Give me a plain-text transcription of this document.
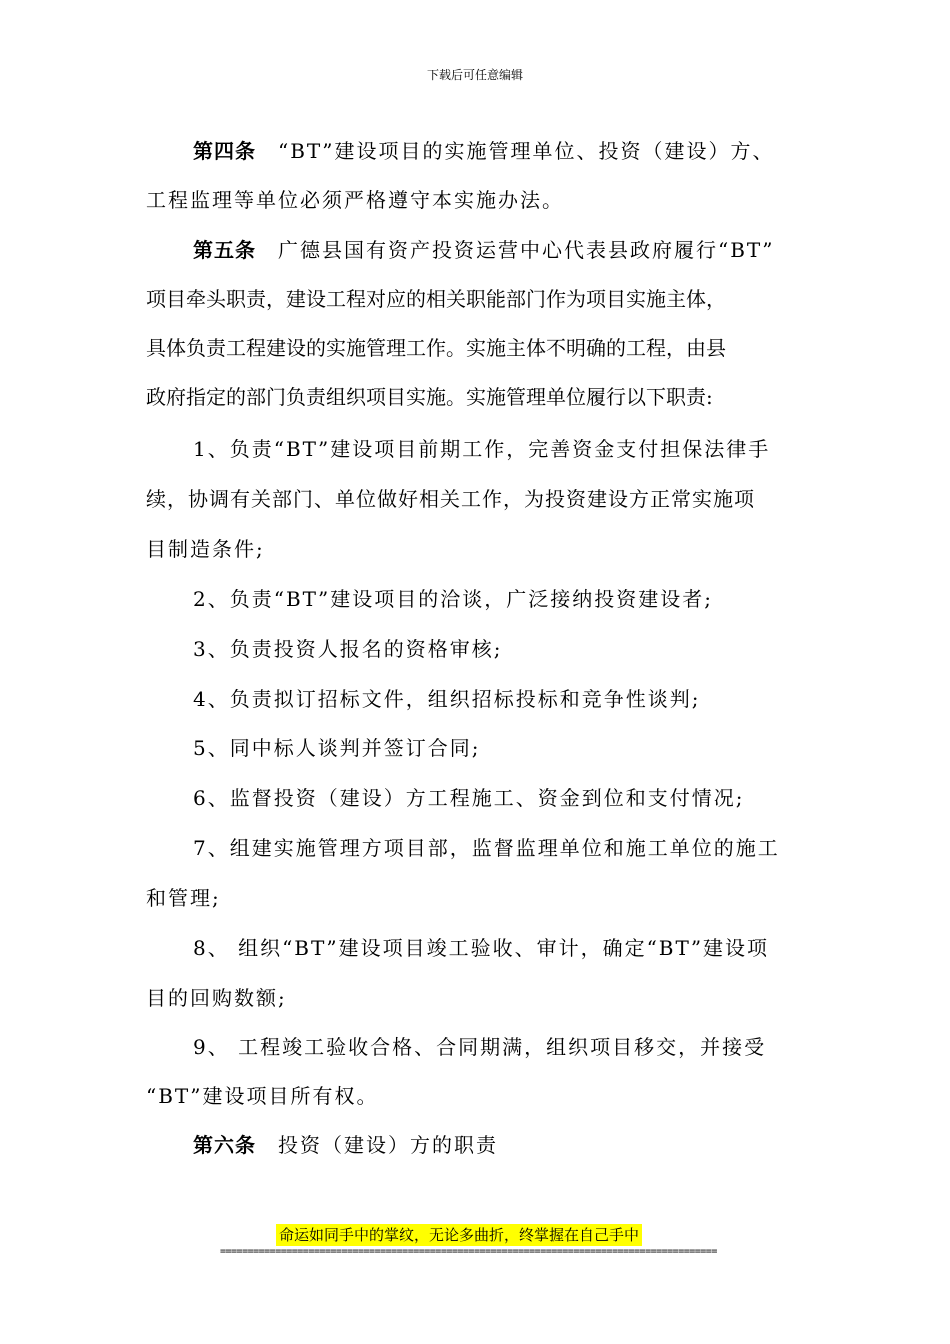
下载后可任意编辑
第四条 “BT”建设项目的实施管理单位、投资（建设）方、
工程监理等单位必须严格遵守本实施办法。
第五条 广德县国有资产投资运营中心代表县政府履行“BT”
项目牵头职责，建设工程对应的相关职能部门作为项目实施主体，
具体负责工程建设的实施管理工作。实施主体不明确的工程，由县
政府指定的部门负责组织项目实施。实施管理单位履行以下职责:
1、负责“BT”建设项目前期工作，完善资金支付担保法律手
续，协调有关部门、单位做好相关工作，为投资建设方正常实施项
目制造条件;
2、负责“BT”建设项目的洽谈，广泛接纳投资建设者;
3、负责投资人报名的资格审核;
4、负责拟订招标文件，组织招标投标和竞争性谈判;
5、同中标人谈判并签订合同;
6、监督投资（建设）方工程施工、资金到位和支付情况;
7、组建实施管理方项目部，监督监理单位和施工单位的施工
和管理;
8、 组织“BT”建设项目竣工验收、审计，确定“BT”建设项
目的回购数额;
9、 工程竣工验收合格、合同期满，组织项目移交，并接受
“BT”建设项目所有权。
第六条 投资（建设）方的职责
命运如同手中的掌纹，无论多曲折，终掌握在自己手中
==========================================================================================
